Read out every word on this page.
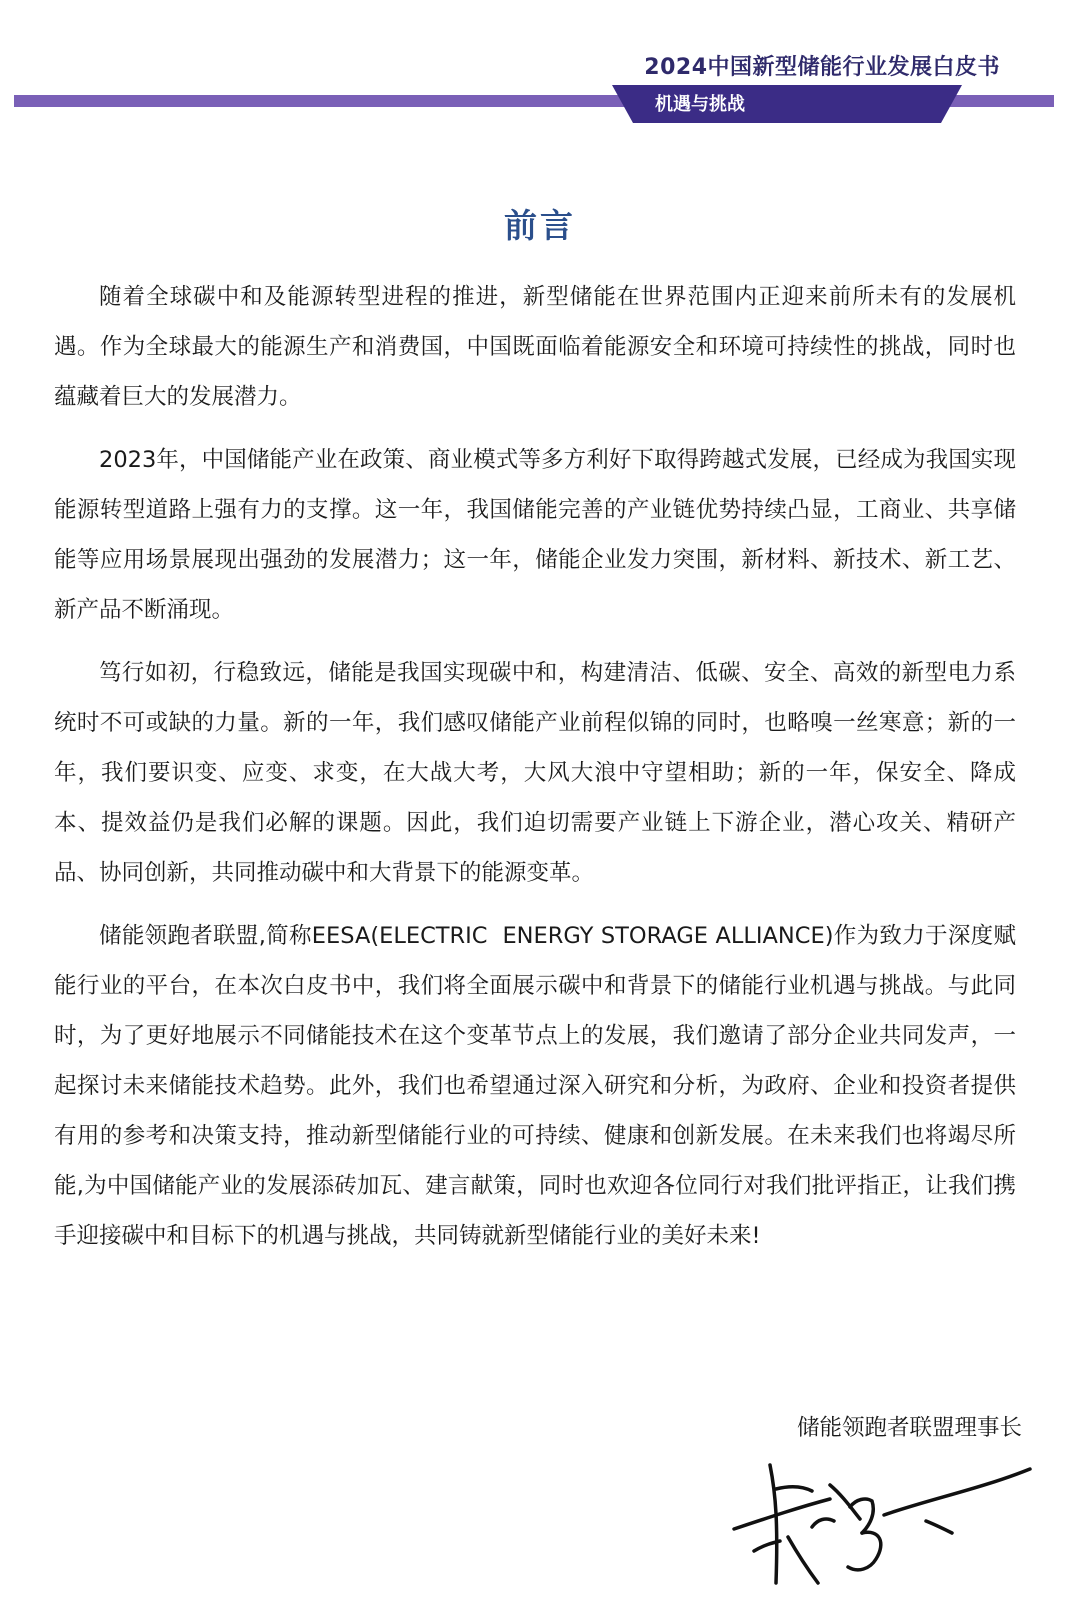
2024中国新型储能行业发展白皮书
机遇与挑战
前言

随着全球碳中和及能源转型进程的推进，新型储能在世界范围内正迎来前所未有的发展机遇。作为全球最大的能源生产和消费国，中国既面临着能源安全和环境可持续性的挑战，同时也蕴藏着巨大的发展潜力。

2023年，中国储能产业在政策、商业模式等多方利好下取得跨越式发展，已经成为我国实现能源转型道路上强有力的支撑。这一年，我国储能完善的产业链优势持续凸显，工商业、共享储能等应用场景展现出强劲的发展潜力；这一年，储能企业发力突围，新材料、新技术、新工艺、新产品不断涌现。

笃行如初，行稳致远，储能是我国实现碳中和，构建清洁、低碳、安全、高效的新型电力系统时不可或缺的力量。新的一年，我们感叹储能产业前程似锦的同时，也略嗅一丝寒意；新的一年，我们要识变、应变、求变，在大战大考，大风大浪中守望相助；新的一年，保安全、降成本、提效益仍是我们必解的课题。因此，我们迫切需要产业链上下游企业，潜心攻关、精研产品、协同创新，共同推动碳中和大背景下的能源变革。

储能领跑者联盟,简称EESA(ELECTRIC  ENERGY STORAGE ALLIANCE)作为致力于深度赋能行业的平台，在本次白皮书中，我们将全面展示碳中和背景下的储能行业机遇与挑战。与此同时，为了更好地展示不同储能技术在这个变革节点上的发展，我们邀请了部分企业共同发声，一起探讨未来储能技术趋势。此外，我们也希望通过深入研究和分析，为政府、企业和投资者提供有用的参考和决策支持，推动新型储能行业的可持续、健康和创新发展。在未来我们也将竭尽所能,为中国储能产业的发展添砖加瓦、建言献策，同时也欢迎各位同行对我们批评指正，让我们携手迎接碳中和目标下的机遇与挑战，共同铸就新型储能行业的美好未来!

储能领跑者联盟理事长
